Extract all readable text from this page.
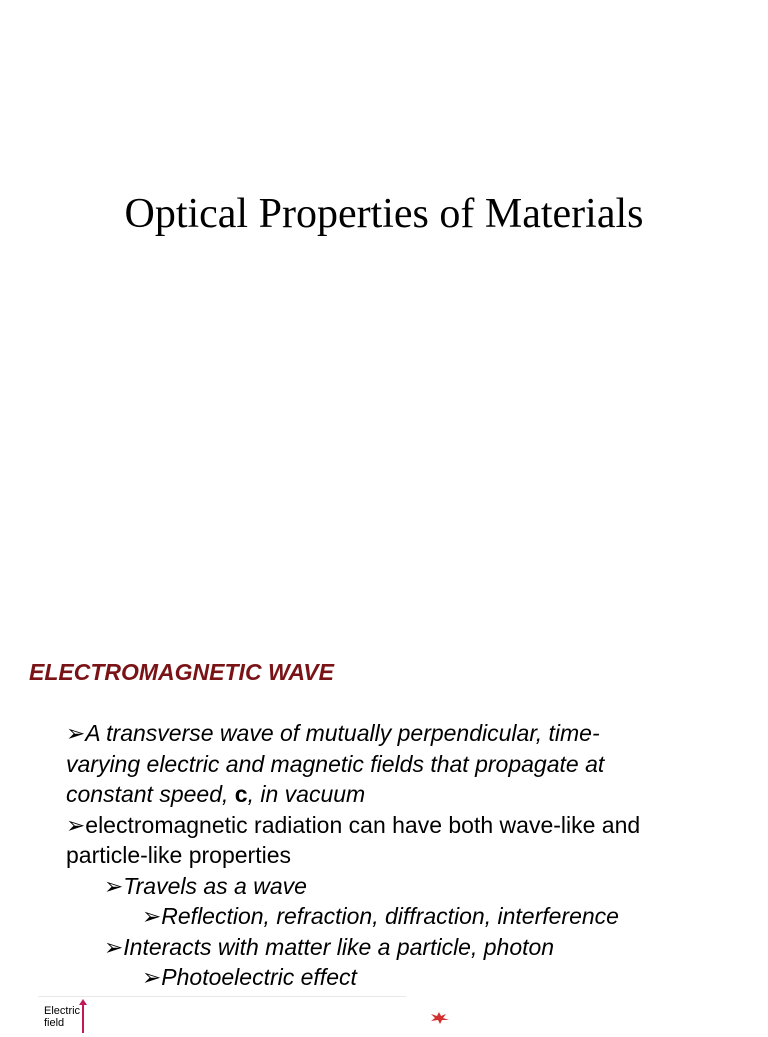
Optical Properties of Materials
ELECTROMAGNETIC WAVE
➢A transverse wave of mutually perpendicular, time-
varying electric and magnetic fields that propagate at
constant speed, c, in vacuum
➢electromagnetic radiation can have both wave-like and
particle-like properties
➢Travels as a wave
➢Reflection, refraction, diffraction, interference
➢Interacts with matter like a particle, photon
➢Photoelectric effect
Electric
field
